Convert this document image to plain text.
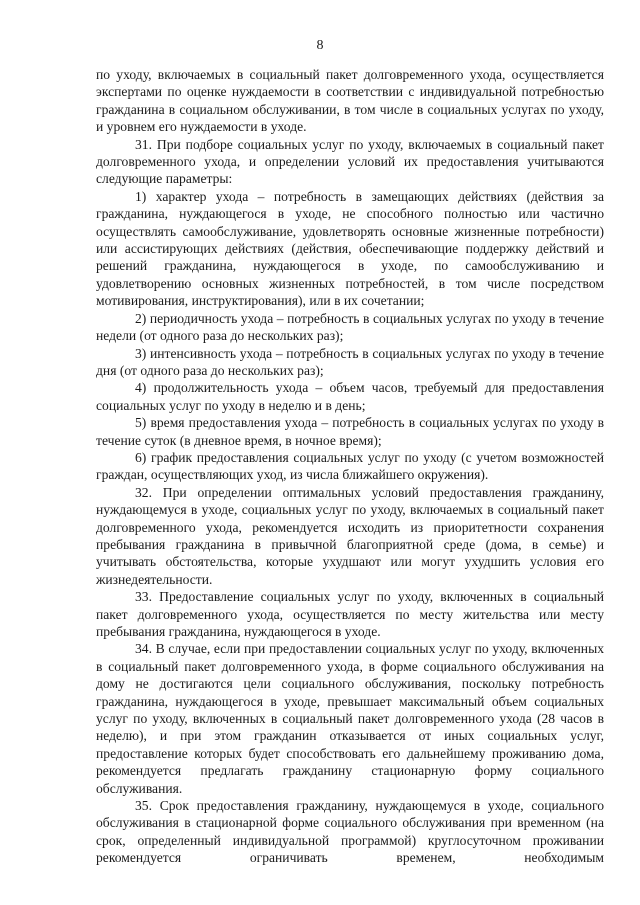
8

по уходу, включаемых в социальный пакет долговременного ухода, осуществляется экспертами по оценке нуждаемости в соответствии с индивидуальной потребностью гражданина в социальном обслуживании, в том числе в социальных услугах по уходу, и уровнем его нуждаемости в уходе.

31. При подборе социальных услуг по уходу, включаемых в социальный пакет долговременного ухода, и определении условий их предоставления учитываются следующие параметры:

1) характер ухода – потребность в замещающих действиях (действия за гражданина, нуждающегося в уходе, не способного полностью или частично осуществлять самообслуживание, удовлетворять основные жизненные потребности) или ассистирующих действиях (действия, обеспечивающие поддержку действий и решений гражданина, нуждающегося в уходе, по самообслуживанию и удовлетворению основных жизненных потребностей, в том числе посредством мотивирования, инструктирования), или в их сочетании;

2) периодичность ухода – потребность в социальных услугах по уходу в течение недели (от одного раза до нескольких раз);

3) интенсивность ухода – потребность в социальных услугах по уходу в течение дня (от одного раза до нескольких раз);

4) продолжительность ухода – объем часов, требуемый для предоставления социальных услуг по уходу в неделю и в день;

5) время предоставления ухода – потребность в социальных услугах по уходу в течение суток (в дневное время, в ночное время);

6) график предоставления социальных услуг по уходу (с учетом возможностей граждан, осуществляющих уход, из числа ближайшего окружения).

32. При определении оптимальных условий предоставления гражданину, нуждающемуся в уходе, социальных услуг по уходу, включаемых в социальный пакет долговременного ухода, рекомендуется исходить из приоритетности сохранения пребывания гражданина в привычной благоприятной среде (дома, в семье) и учитывать обстоятельства, которые ухудшают или могут ухудшить условия его жизнедеятельности.

33. Предоставление социальных услуг по уходу, включенных в социальный пакет долговременного ухода, осуществляется по месту жительства или месту пребывания гражданина, нуждающегося в уходе.

34. В случае, если при предоставлении социальных услуг по уходу, включенных в социальный пакет долговременного ухода, в форме социального обслуживания на дому не достигаются цели социального обслуживания, поскольку потребность гражданина, нуждающегося в уходе, превышает максимальный объем социальных услуг по уходу, включенных в социальный пакет долговременного ухода (28 часов в неделю), и при этом гражданин отказывается от иных социальных услуг, предоставление которых будет способствовать его дальнейшему проживанию дома, рекомендуется предлагать гражданину стационарную форму социального обслуживания.

35. Срок предоставления гражданину, нуждающемуся в уходе, социального обслуживания в стационарной форме социального обслуживания при временном (на срок, определенный индивидуальной программой) круглосуточном проживании рекомендуется ограничивать временем, необходимым
